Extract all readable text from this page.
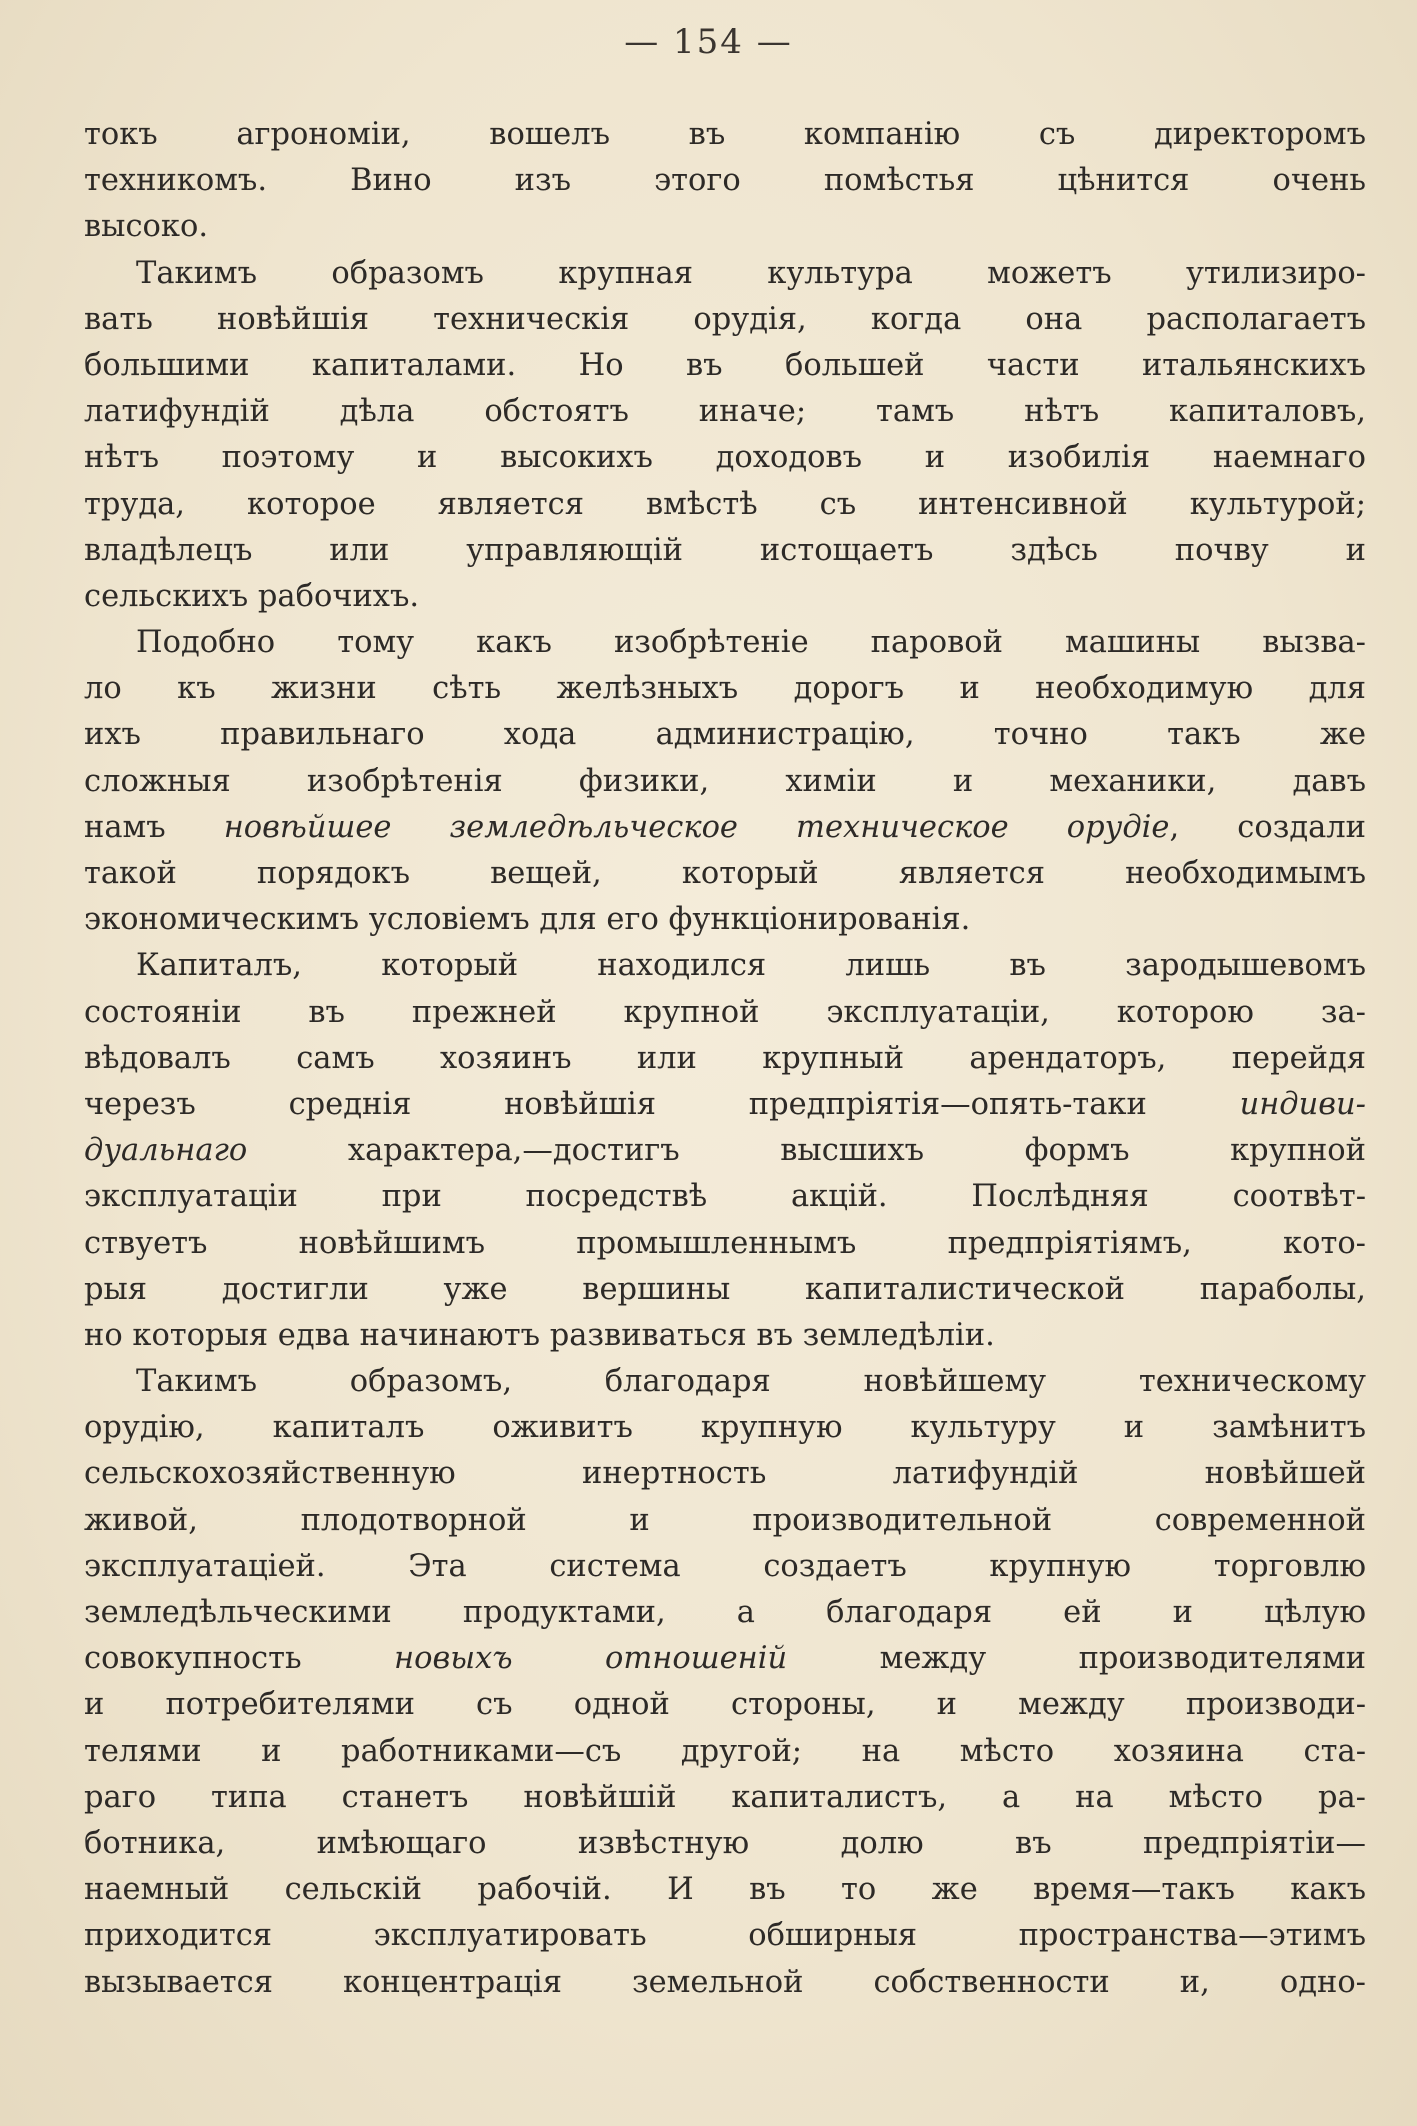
— 154 —
токъ агрономіи, вошелъ въ компанію съ директоромъ
техникомъ. Вино изъ этого помѣстья цѣнится очень
высоко.
Такимъ образомъ крупная культура можетъ утилизиро-
вать новѣйшія техническія орудія, когда она располагаетъ
большими капиталами. Но въ большей части итальянскихъ
латифундій дѣла обстоятъ иначе; тамъ нѣтъ капиталовъ,
нѣтъ поэтому и высокихъ доходовъ и изобилія наемнаго
труда, которое является вмѣстѣ съ интенсивной культурой;
владѣлецъ или управляющій истощаетъ здѣсь почву и
сельскихъ рабочихъ.
Подобно тому какъ изобрѣтеніе паровой машины вызва-
ло къ жизни сѣть желѣзныхъ дорогъ и необходимую для
ихъ правильнаго хода администрацію, точно такъ же
сложныя изобрѣтенія физики, химіи и механики, давъ
намъ новѣйшее земледѣльческое техническое орудіе, создали
такой порядокъ вещей, который является необходимымъ
экономическимъ условіемъ для его функціонированія.
Капиталъ, который находился лишь въ зародышевомъ
состояніи въ прежней крупной эксплуатаціи, которою за-
вѣдовалъ самъ хозяинъ или крупный арендаторъ, перейдя
черезъ среднія новѣйшія предпріятія—опять-таки индиви-
дуальнаго характера,—достигъ высшихъ формъ крупной
эксплуатаціи при посредствѣ акцій. Послѣдняя соотвѣт-
ствуетъ новѣйшимъ промышленнымъ предпріятіямъ, кото-
рыя достигли уже вершины капиталистической параболы,
но которыя едва начинаютъ развиваться въ земледѣліи.
Такимъ образомъ, благодаря новѣйшему техническому
орудію, капиталъ оживитъ крупную культуру и замѣнитъ
сельскохозяйственную инертность латифундій новѣйшей
живой, плодотворной и производительной современной
эксплуатаціей. Эта система создаетъ крупную торговлю
земледѣльческими продуктами, а благодаря ей и цѣлую
совокупность новыхъ отношеній между производителями
и потребителями съ одной стороны, и между производи-
телями и работниками—съ другой; на мѣсто хозяина ста-
раго типа станетъ новѣйшій капиталистъ, а на мѣсто ра-
ботника, имѣющаго извѣстную долю въ предпріятіи—
наемный сельскій рабочій. И въ то же время—такъ какъ
приходится эксплуатировать обширныя пространства—этимъ
вызывается концентрація земельной собственности и, одно-
